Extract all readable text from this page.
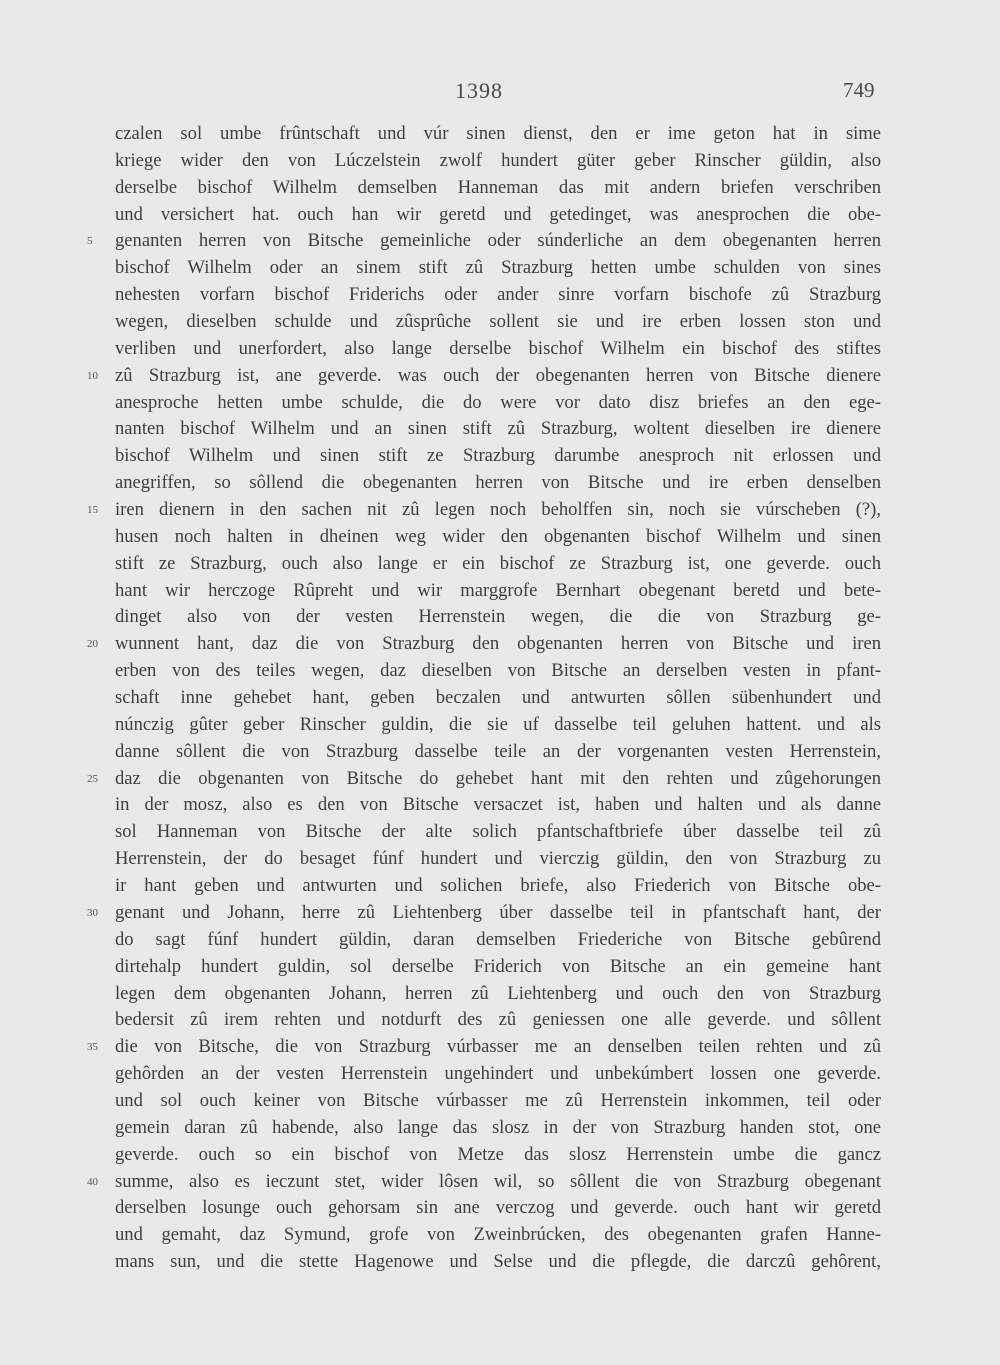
1398	749
czalen sol umbe frûntschaft und vúr sinen dienst, den er ime geton hat in sime
kriege wider den von Lúczelstein zwolf hundert güter geber Rinscher güldin, also
derselbe bischof Wilhelm demselben Hanneman das mit andern briefen verschriben
und versichert hat. ouch han wir geretd und getedinget, was anesprochen die obe-
5	genanten herren von Bitsche gemeinliche oder súnderliche an dem obegenanten herren
bischof Wilhelm oder an sinem stift zû Strazburg hetten umbe schulden von sines
nehesten vorfarn bischof Friderichs oder ander sinre vorfarn bischofe zû Strazburg
wegen, dieselben schulde und zûsprûche sollent sie und ire erben lossen ston und
verliben und unerfordert, also lange derselbe bischof Wilhelm ein bischof des stiftes
10 zû Strazburg ist, ane geverde. was ouch der obegenanten herren von Bitsche dienere
anesproche hetten umbe schulde, die do were vor dato disz briefes an den ege-
nanten bischof Wilhelm und an sinen stift zû Strazburg, woltent dieselben ire dienere
bischof Wilhelm und sinen stift ze Strazburg darumbe anesproch nit erlossen und
anegriffen, so sôllend die obegenanten herren von Bitsche und ire erben denselben
15 iren dienern in den sachen nit zû legen noch beholffen sin, noch sie vúrscheben (?),
husen noch halten in dheinen weg wider den obgenanten bischof Wilhelm und sinen
stift ze Strazburg, ouch also lange er ein bischof ze Strazburg ist, one geverde. ouch
hant wir herczoge Rûpreht und wir marggrofe Bernhart obegenant beretd und bete-
dinget also von der vesten Herrenstein wegen, die die von Strazburg ge-
20 wunnent hant, daz die von Strazburg den obgenanten herren von Bitsche und iren
erben von des teiles wegen, daz dieselben von Bitsche an derselben vesten in pfant-
schaft inne gehebet hant, geben beczalen und antwurten sôllen sübenhundert und
núnczig gûter geber Rinscher guldin, die sie uf dasselbe teil geluhen hattent. und als
danne sôllent die von Strazburg dasselbe teile an der vorgenanten vesten Herrenstein,
25 daz die obgenanten von Bitsche do gehebet hant mit den rehten und zûgehorungen
in der mosz, also es den von Bitsche versaczet ist, haben und halten und als danne
sol Hanneman von Bitsche der alte solich pfantschaftbriefe úber dasselbe teil zû
Herrenstein, der do besaget fúnf hundert und vierczig güldin, den von Strazburg zu
ir hant geben und antwurten und solichen briefe, also Friederich von Bitsche obe-
30 genant und Johann, herre zû Liehtenberg úber dasselbe teil in pfantschaft hant, der
do sagt fúnf hundert güldin, daran demselben Friederiche von Bitsche gebûrend
dirtehalp hundert guldin, sol derselbe Friderich von Bitsche an ein gemeine hant
legen dem obgenanten Johann, herren zû Liehtenberg und ouch den von Strazburg
bedersit zû irem rehten und notdurft des zû geniessen one alle geverde. und sôllent
35 die von Bitsche, die von Strazburg vúrbasser me an denselben teilen rehten und zû
gehôrden an der vesten Herrenstein ungehindert und unbekúmbert lossen one geverde.
und sol ouch keiner von Bitsche vúrbasser me zû Herrenstein inkommen, teil oder
gemein daran zû habende, also lange das slosz in der von Strazburg handen stot, one
geverde. ouch so ein bischof von Metze das slosz Herrenstein umbe die gancz
40 summe, also es ieczunt stet, wider lôsen wil, so sôllent die von Strazburg obegenant
derselben losunge ouch gehorsam sin ane verczog und geverde. ouch hant wir geretd
und gemaht, daz Symund, grofe von Zweinbrúcken, des obegenanten grafen Hanne-
mans sun, und die stette Hagenowe und Selse und die pflegde, die darczû gehôrent,
